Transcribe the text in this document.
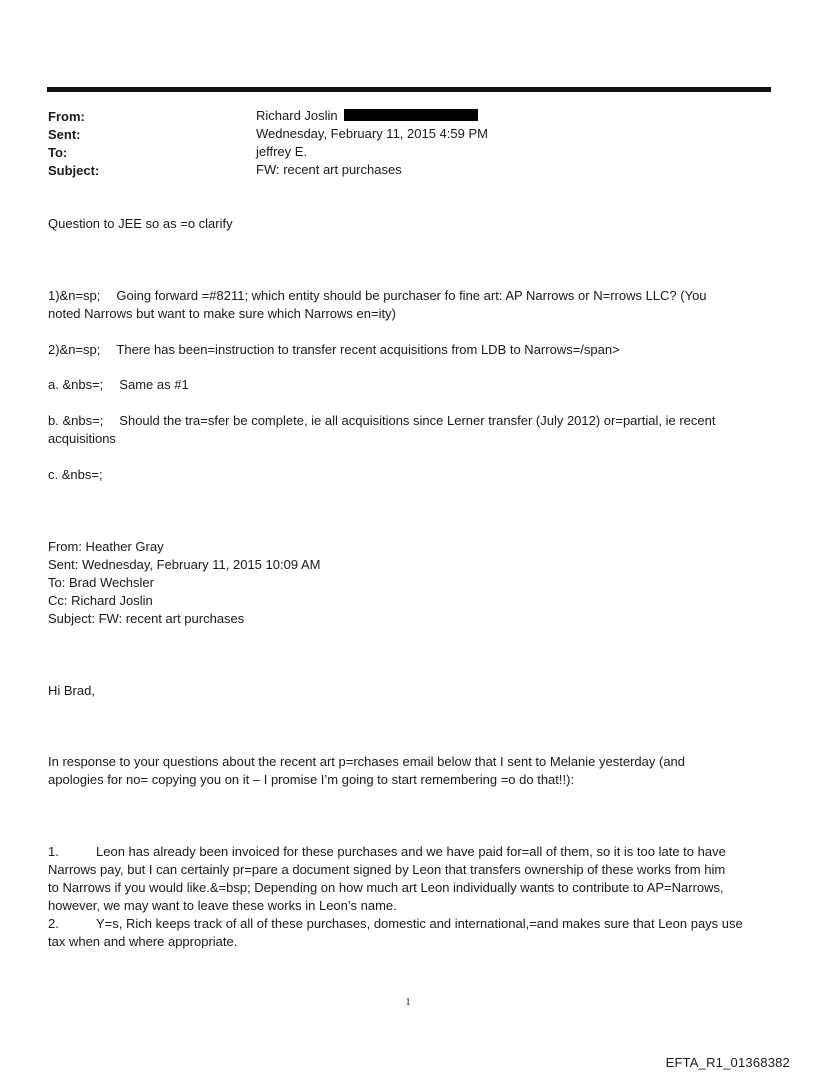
From:	Richard Joslin
Sent:	Wednesday, February 11, 2015 4:59 PM
To:	jeffrey E.
Subject:	FW: recent art purchases
Question to JEE so as =o clarify
1)&n=sp; Going forward =#8211; which entity should be purchaser fo fine art: AP Narrows or N=rrows LLC? (You
noted Narrows but want to make sure which Narrows en=ity)
2)&n=sp; There has been=instruction to transfer recent acquisitions from LDB to Narrows=/span>
a. &nbs=; Same as #1
b. &nbs=; Should the tra=sfer be complete, ie all acquisitions since Lerner transfer (July 2012) or=partial, ie recent
acquisitions
c. &nbs=;
From: Heather Gray
Sent: Wednesday, February 11, 2015 10:09 AM
To: Brad Wechsler
Cc: Richard Joslin
Subject: FW: recent art purchases
Hi Brad,
In response to your questions about the recent art p=rchases email below that I sent to Melanie yesterday (and
apologies for no= copying you on it – I promise I’m going to start remembering =o do that!!):
1.	Leon has already been invoiced for these purchases and we have paid for=all of them, so it is too late to have
Narrows pay, but I can certainly pr=pare a document signed by Leon that transfers ownership of these works from him
to Narrows if you would like.&=bsp; Depending on how much art Leon individually wants to contribute to AP=Narrows,
however, we may want to leave these works in Leon’s name.
2.	Y=s, Rich keeps track of all of these purchases, domestic and international,=and makes sure that Leon pays use
tax when and where appropriate.
1
EFTA_R1_01368382
